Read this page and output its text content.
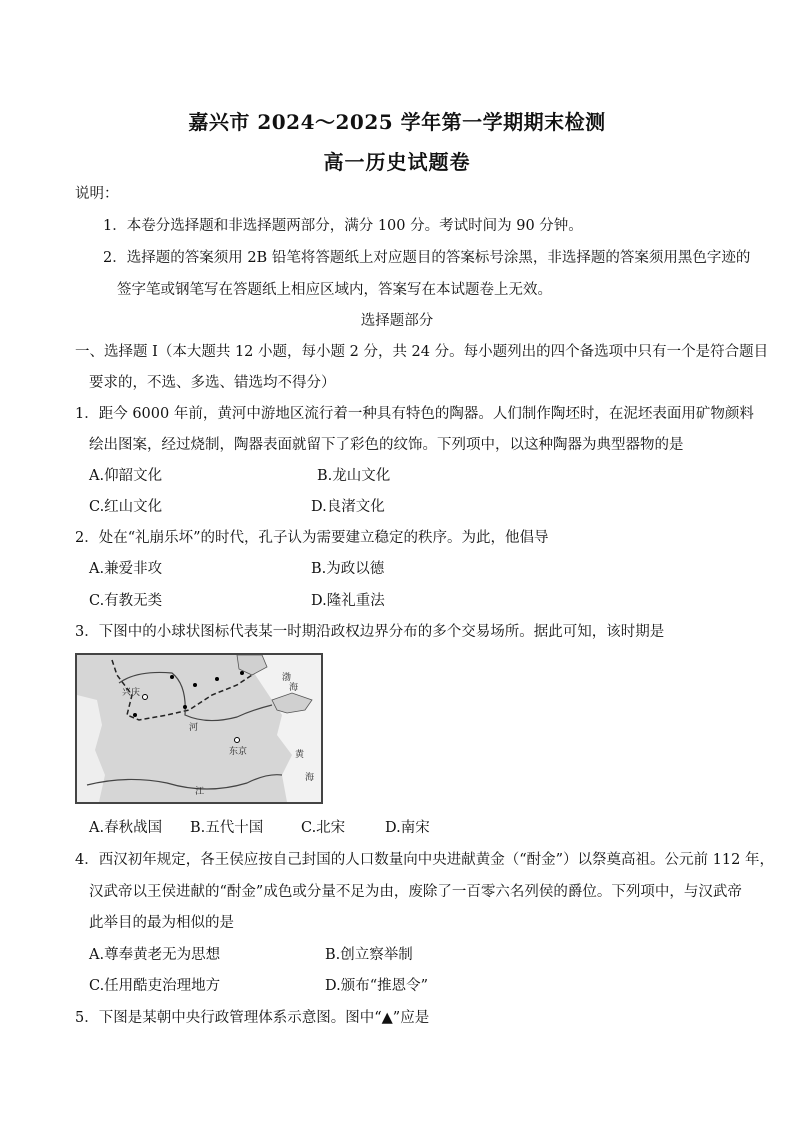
嘉兴市 2024～2025 学年第一学期期末检测
高一历史试题卷
说明：
1．本卷分选择题和非选择题两部分，满分 100 分。考试时间为 90 分钟。
2．选择题的答案须用 2B 铅笔将答题纸上对应题目的答案标号涂黑，非选择题的答案须用黑色字迹的
签字笔或钢笔写在答题纸上相应区域内，答案写在本试题卷上无效。
选择题部分
一、选择题 I（本大题共 12 小题，每小题 2 分，共 24 分。每小题列出的四个备选项中只有一个是符合题目
要求的，不选、多选、错选均不得分）
1．距今 6000 年前，黄河中游地区流行着一种具有特色的陶器。人们制作陶坯时，在泥坯表面用矿物颜料
绘出图案，经过烧制，陶器表面就留下了彩色的纹饰。下列项中，以这种陶器为典型器物的是
A.仰韶文化	B.龙山文化
C.红山文化	D.良渚文化
2．处在“礼崩乐坏”的时代，孔子认为需要建立稳定的秩序。为此，他倡导
A.兼爱非攻	B.为政以德
C.有教无类	D.隆礼重法
3．下图中的小球状图标代表某一时期沿政权边界分布的多个交易场所。据此可知，该时期是
兴庆
东京
河
渤
海
黄
海
江
A.春秋战国 B.五代十国	C.北宋	D.南宋
4．西汉初年规定，各王侯应按自己封国的人口数量向中央进献黄金（“酎金”）以祭奠高祖。公元前 112 年，
汉武帝以王侯进献的“酎金”成色或分量不足为由，废除了一百零六名列侯的爵位。下列项中，与汉武帝
此举目的最为相似的是
A.尊奉黄老无为思想	B.创立察举制
C.任用酷吏治理地方	D.颁布“推恩令”
5．下图是某朝中央行政管理体系示意图。图中“▲”应是
